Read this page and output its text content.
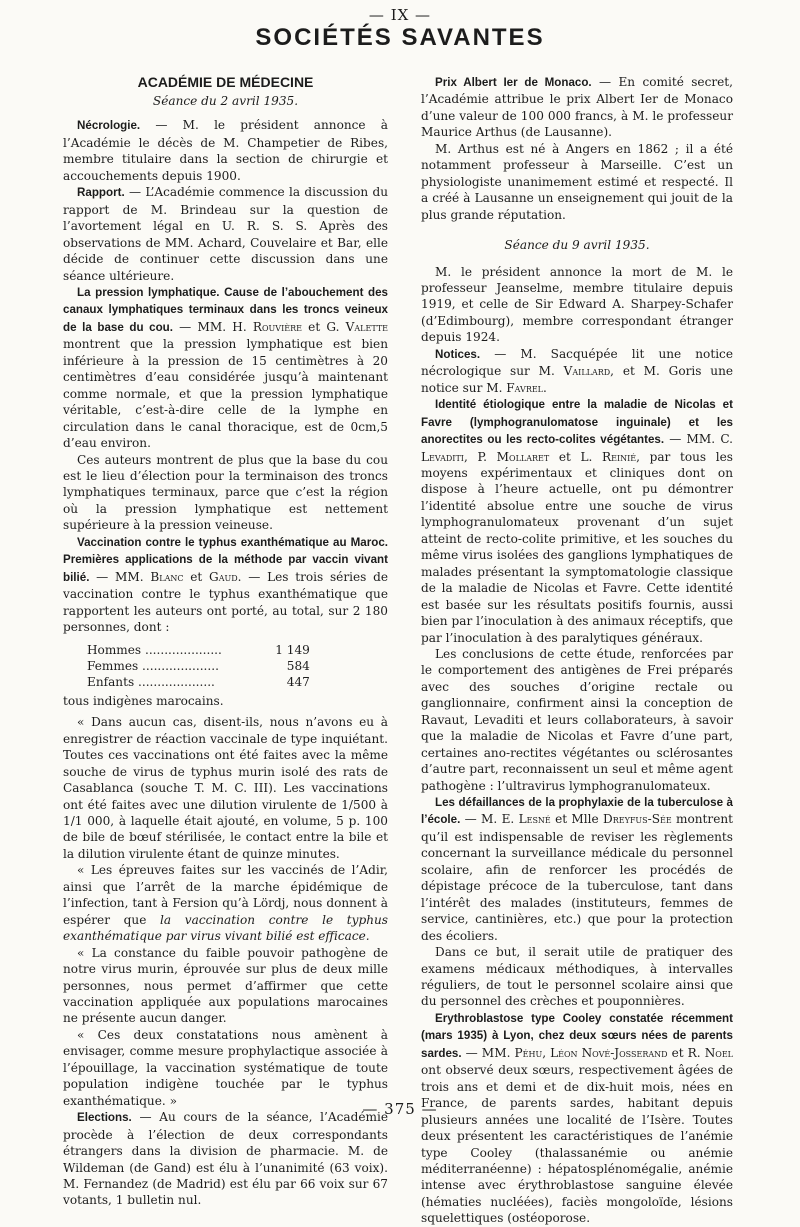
— IX —
SOCIÉTÉS SAVANTES
ACADÉMIE DE MÉDECINE
Séance du 2 avril 1935.

Nécrologie. — M. le président annonce à l’Académie le décès de M. Champetier de Ribes, membre titulaire dans la section de chirurgie et accouchements depuis 1900.

Rapport. — L’Académie commence la discussion du rapport de M. Brindeau sur la question de l’avortement légal en U. R. S. S. Après des observations de MM. Achard, Couvelaire et Bar, elle décide de continuer cette discussion dans une séance ultérieure.

La pression lymphatique. Cause de l’abouchement des canaux lymphatiques terminaux dans les troncs veineux de la base du cou. — MM. H. Rouvière et G. Valette montrent que la pression lymphatique est bien inférieure à la pression de 15 centimètres à 20 centimètres d’eau considérée jusqu’à maintenant comme normale, et que la pression lymphatique véritable, c’est-à-dire celle de la lymphe en circulation dans le canal thoracique, est de 0cm,5 d’eau environ.

Ces auteurs montrent de plus que la base du cou est le lieu d’élection pour la terminaison des troncs lymphatiques terminaux, parce que c’est la région où la pression lymphatique est nettement supérieure à la pression veineuse.

Vaccination contre le typhus exanthématique au Maroc. Premières applications de la méthode par vaccin vivant bilié. — MM. Blanc et Gaud. — Les trois séries de vaccination contre le typhus exanthématique que rapportent les auteurs ont porté, au total, sur 2 180 personnes, dont :

Hommes ....................	1 149
Femmes ....................	584
Enfants ....................	447

tous indigènes marocains.

« Dans aucun cas, disent-ils, nous n’avons eu à enregistrer de réaction vaccinale de type inquiétant. Toutes ces vaccinations ont été faites avec la même souche de virus de typhus murin isolé des rats de Casablanca (souche T. M. C. III). Les vaccinations ont été faites avec une dilution virulente de 1/500 à 1/1 000, à laquelle était ajouté, en volume, 5 p. 100 de bile de bœuf stérilisée, le contact entre la bile et la dilution virulente étant de quinze minutes.

« Les épreuves faites sur les vaccinés de l’Adir, ainsi que l’arrêt de la marche épidémique de l’infection, tant à Fersion qu’à Lördj, nous donnent à espérer que la vaccination contre le typhus exanthématique par virus vivant bilié est efficace.

« La constance du faible pouvoir pathogène de notre virus murin, éprouvée sur plus de deux mille personnes, nous permet d’affirmer que cette vaccination appliquée aux populations marocaines ne présente aucun danger.

« Ces deux constatations nous amènent à envisager, comme mesure prophylactique associée à l’épouillage, la vaccination systématique de toute population indigène touchée par le typhus exanthématique. »

Elections. — Au cours de la séance, l’Académie procède à l’élection de deux correspondants étrangers dans la division de pharmacie. M. de Wildeman (de Gand) est élu à l’unanimité (63 voix). M. Fernandez (de Madrid) est élu par 66 voix sur 67 votants, 1 bulletin nul.

Prix Albert Ier de Monaco. — En comité secret, l’Académie attribue le prix Albert Ier de Monaco d’une valeur de 100 000 francs, à M. le professeur Maurice Arthus (de Lausanne).

M. Arthus est né à Angers en 1862 ; il a été notamment professeur à Marseille. C’est un physiologiste unanimement estimé et respecté. Il a créé à Lausanne un enseignement qui jouit de la plus grande réputation.

Séance du 9 avril 1935.

M. le président annonce la mort de M. le professeur Jeanselme, membre titulaire depuis 1919, et celle de Sir Edward A. Sharpey-Schafer (d’Edimbourg), membre correspondant étranger depuis 1924.

Notices. — M. Sacquépée lit une notice nécrologique sur M. Vaillard, et M. Goris une notice sur M. Favrel.

Identité étiologique entre la maladie de Nicolas et Favre (lymphogranulomatose inguinale) et les anorectites ou les recto-colites végétantes. — MM. C. Levaditi, P. Mollaret et L. Reinié, par tous les moyens expérimentaux et cliniques dont on dispose à l’heure actuelle, ont pu démontrer l’identité absolue entre une souche de virus lymphogranulomateux provenant d’un sujet atteint de recto-colite primitive, et les souches du même virus isolées des ganglions lymphatiques de malades présentant la symptomatologie classique de la maladie de Nicolas et Favre. Cette identité est basée sur les résultats positifs fournis, aussi bien par l’inoculation à des animaux réceptifs, que par l’inoculation à des paralytiques généraux.

Les conclusions de cette étude, renforcées par le comportement des antigènes de Frei préparés avec des souches d’origine rectale ou ganglionnaire, confirment ainsi la conception de Ravaut, Levaditi et leurs collaborateurs, à savoir que la maladie de Nicolas et Favre d’une part, certaines ano-rectites végétantes ou sclérosantes d’autre part, reconnaissent un seul et même agent pathogène : l’ultravirus lymphogranulomateux.

Les défaillances de la prophylaxie de la tuberculose à l’école. — M. E. Lesné et Mlle Dreyfus-Sée montrent qu’il est indispensable de reviser les règlements concernant la surveillance médicale du personnel scolaire, afin de renforcer les procédés de dépistage précoce de la tuberculose, tant dans l’intérêt des malades (instituteurs, femmes de service, cantinières, etc.) que pour la protection des écoliers.

Dans ce but, il serait utile de pratiquer des examens médicaux méthodiques, à intervalles réguliers, de tout le personnel scolaire ainsi que du personnel des crèches et pouponnières.

Erythroblastose type Cooley constatée récemment (mars 1935) à Lyon, chez deux sœurs nées de parents sardes. — MM. Péhu, Léon Nové-Josserand et R. Noel ont observé deux sœurs, respectivement âgées de trois ans et demi et de dix-huit mois, nées en France, de parents sardes, habitant depuis plusieurs années une localité de l’Isère. Toutes deux présentent les caractéristiques de l’anémie type Cooley (thalassanémie ou anémie méditerranéenne) : hépatosplénomégalie, anémie intense avec érythroblastose sanguine élevée (hématies nucléées), faciès mongoloïde, lésions squelettiques (ostéoporose.

— 375 —
